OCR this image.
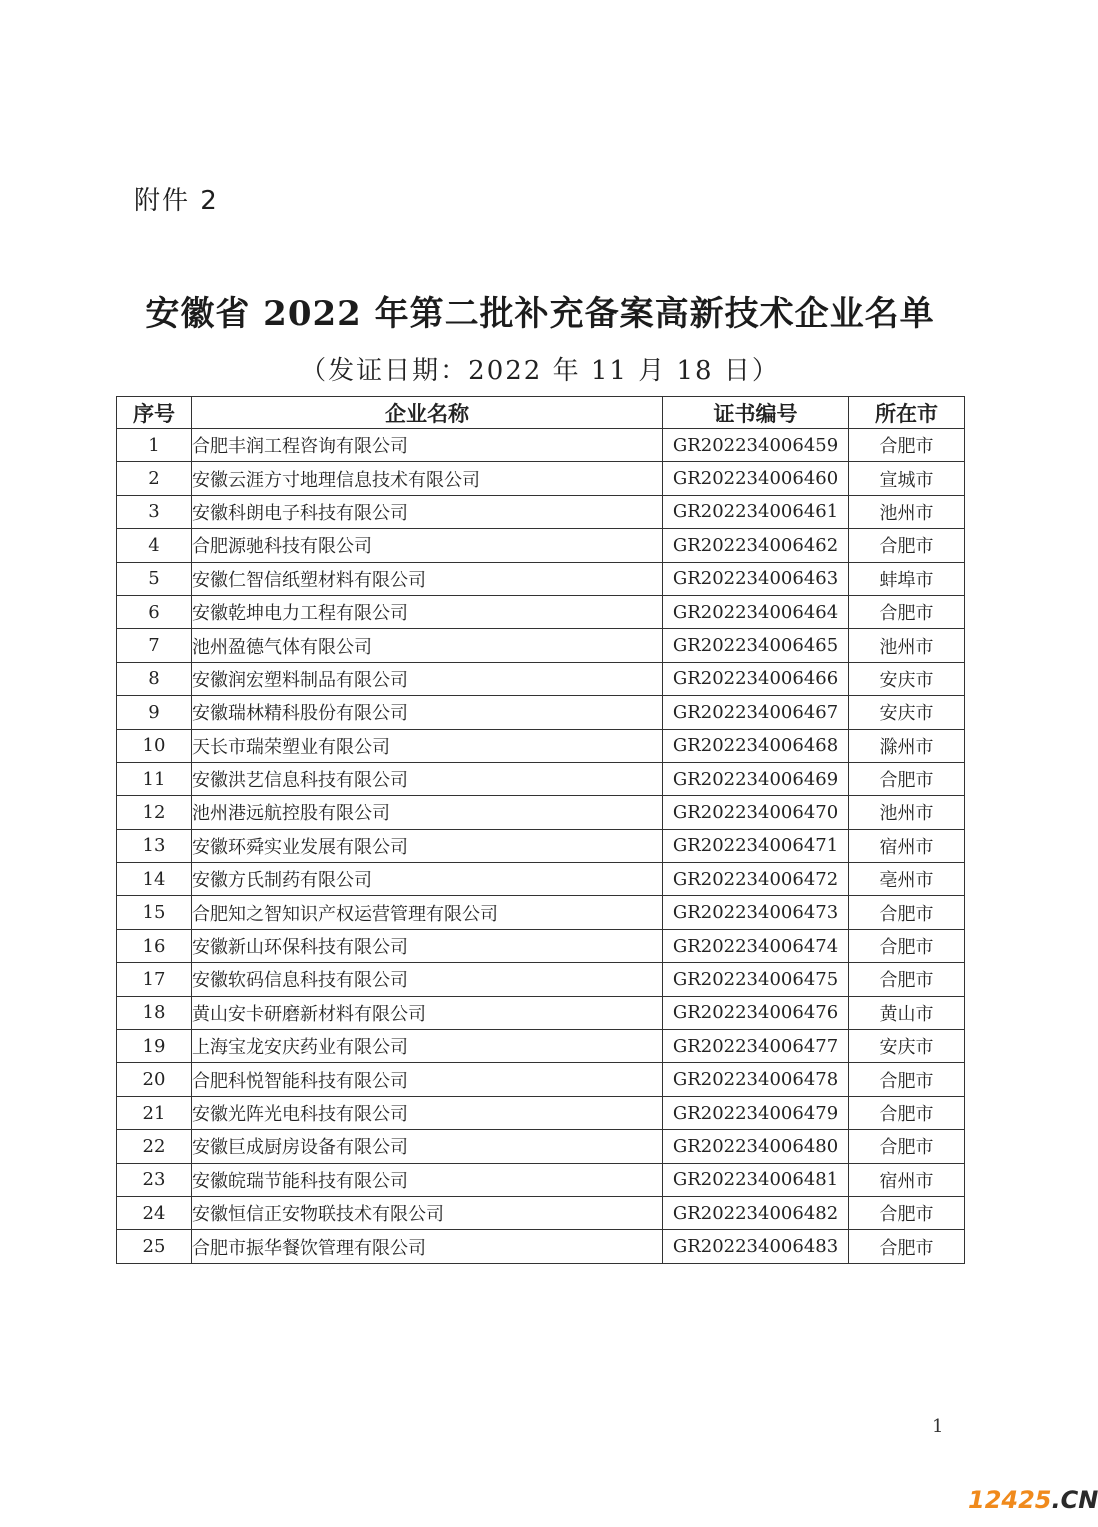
附件 2
安徽省 2022 年第二批补充备案高新技术企业名单
（发证日期：2022 年 11 月 18 日）
序号	企业名称	证书编号	所在市
1	合肥丰润工程咨询有限公司	GR202234006459	合肥市
2	安徽云涯方寸地理信息技术有限公司	GR202234006460	宣城市
3	安徽科朗电子科技有限公司	GR202234006461	池州市
4	合肥源驰科技有限公司	GR202234006462	合肥市
5	安徽仁智信纸塑材料有限公司	GR202234006463	蚌埠市
6	安徽乾坤电力工程有限公司	GR202234006464	合肥市
7	池州盈德气体有限公司	GR202234006465	池州市
8	安徽润宏塑料制品有限公司	GR202234006466	安庆市
9	安徽瑞林精科股份有限公司	GR202234006467	安庆市
10	天长市瑞荣塑业有限公司	GR202234006468	滁州市
11	安徽洪艺信息科技有限公司	GR202234006469	合肥市
12	池州港远航控股有限公司	GR202234006470	池州市
13	安徽环舜实业发展有限公司	GR202234006471	宿州市
14	安徽方氏制药有限公司	GR202234006472	亳州市
15	合肥知之智知识产权运营管理有限公司	GR202234006473	合肥市
16	安徽新山环保科技有限公司	GR202234006474	合肥市
17	安徽软码信息科技有限公司	GR202234006475	合肥市
18	黄山安卡研磨新材料有限公司	GR202234006476	黄山市
19	上海宝龙安庆药业有限公司	GR202234006477	安庆市
20	合肥科悦智能科技有限公司	GR202234006478	合肥市
21	安徽光阵光电科技有限公司	GR202234006479	合肥市
22	安徽巨成厨房设备有限公司	GR202234006480	合肥市
23	安徽皖瑞节能科技有限公司	GR202234006481	宿州市
24	安徽恒信正安物联技术有限公司	GR202234006482	合肥市
25	合肥市振华餐饮管理有限公司	GR202234006483	合肥市
1
12425.CN
